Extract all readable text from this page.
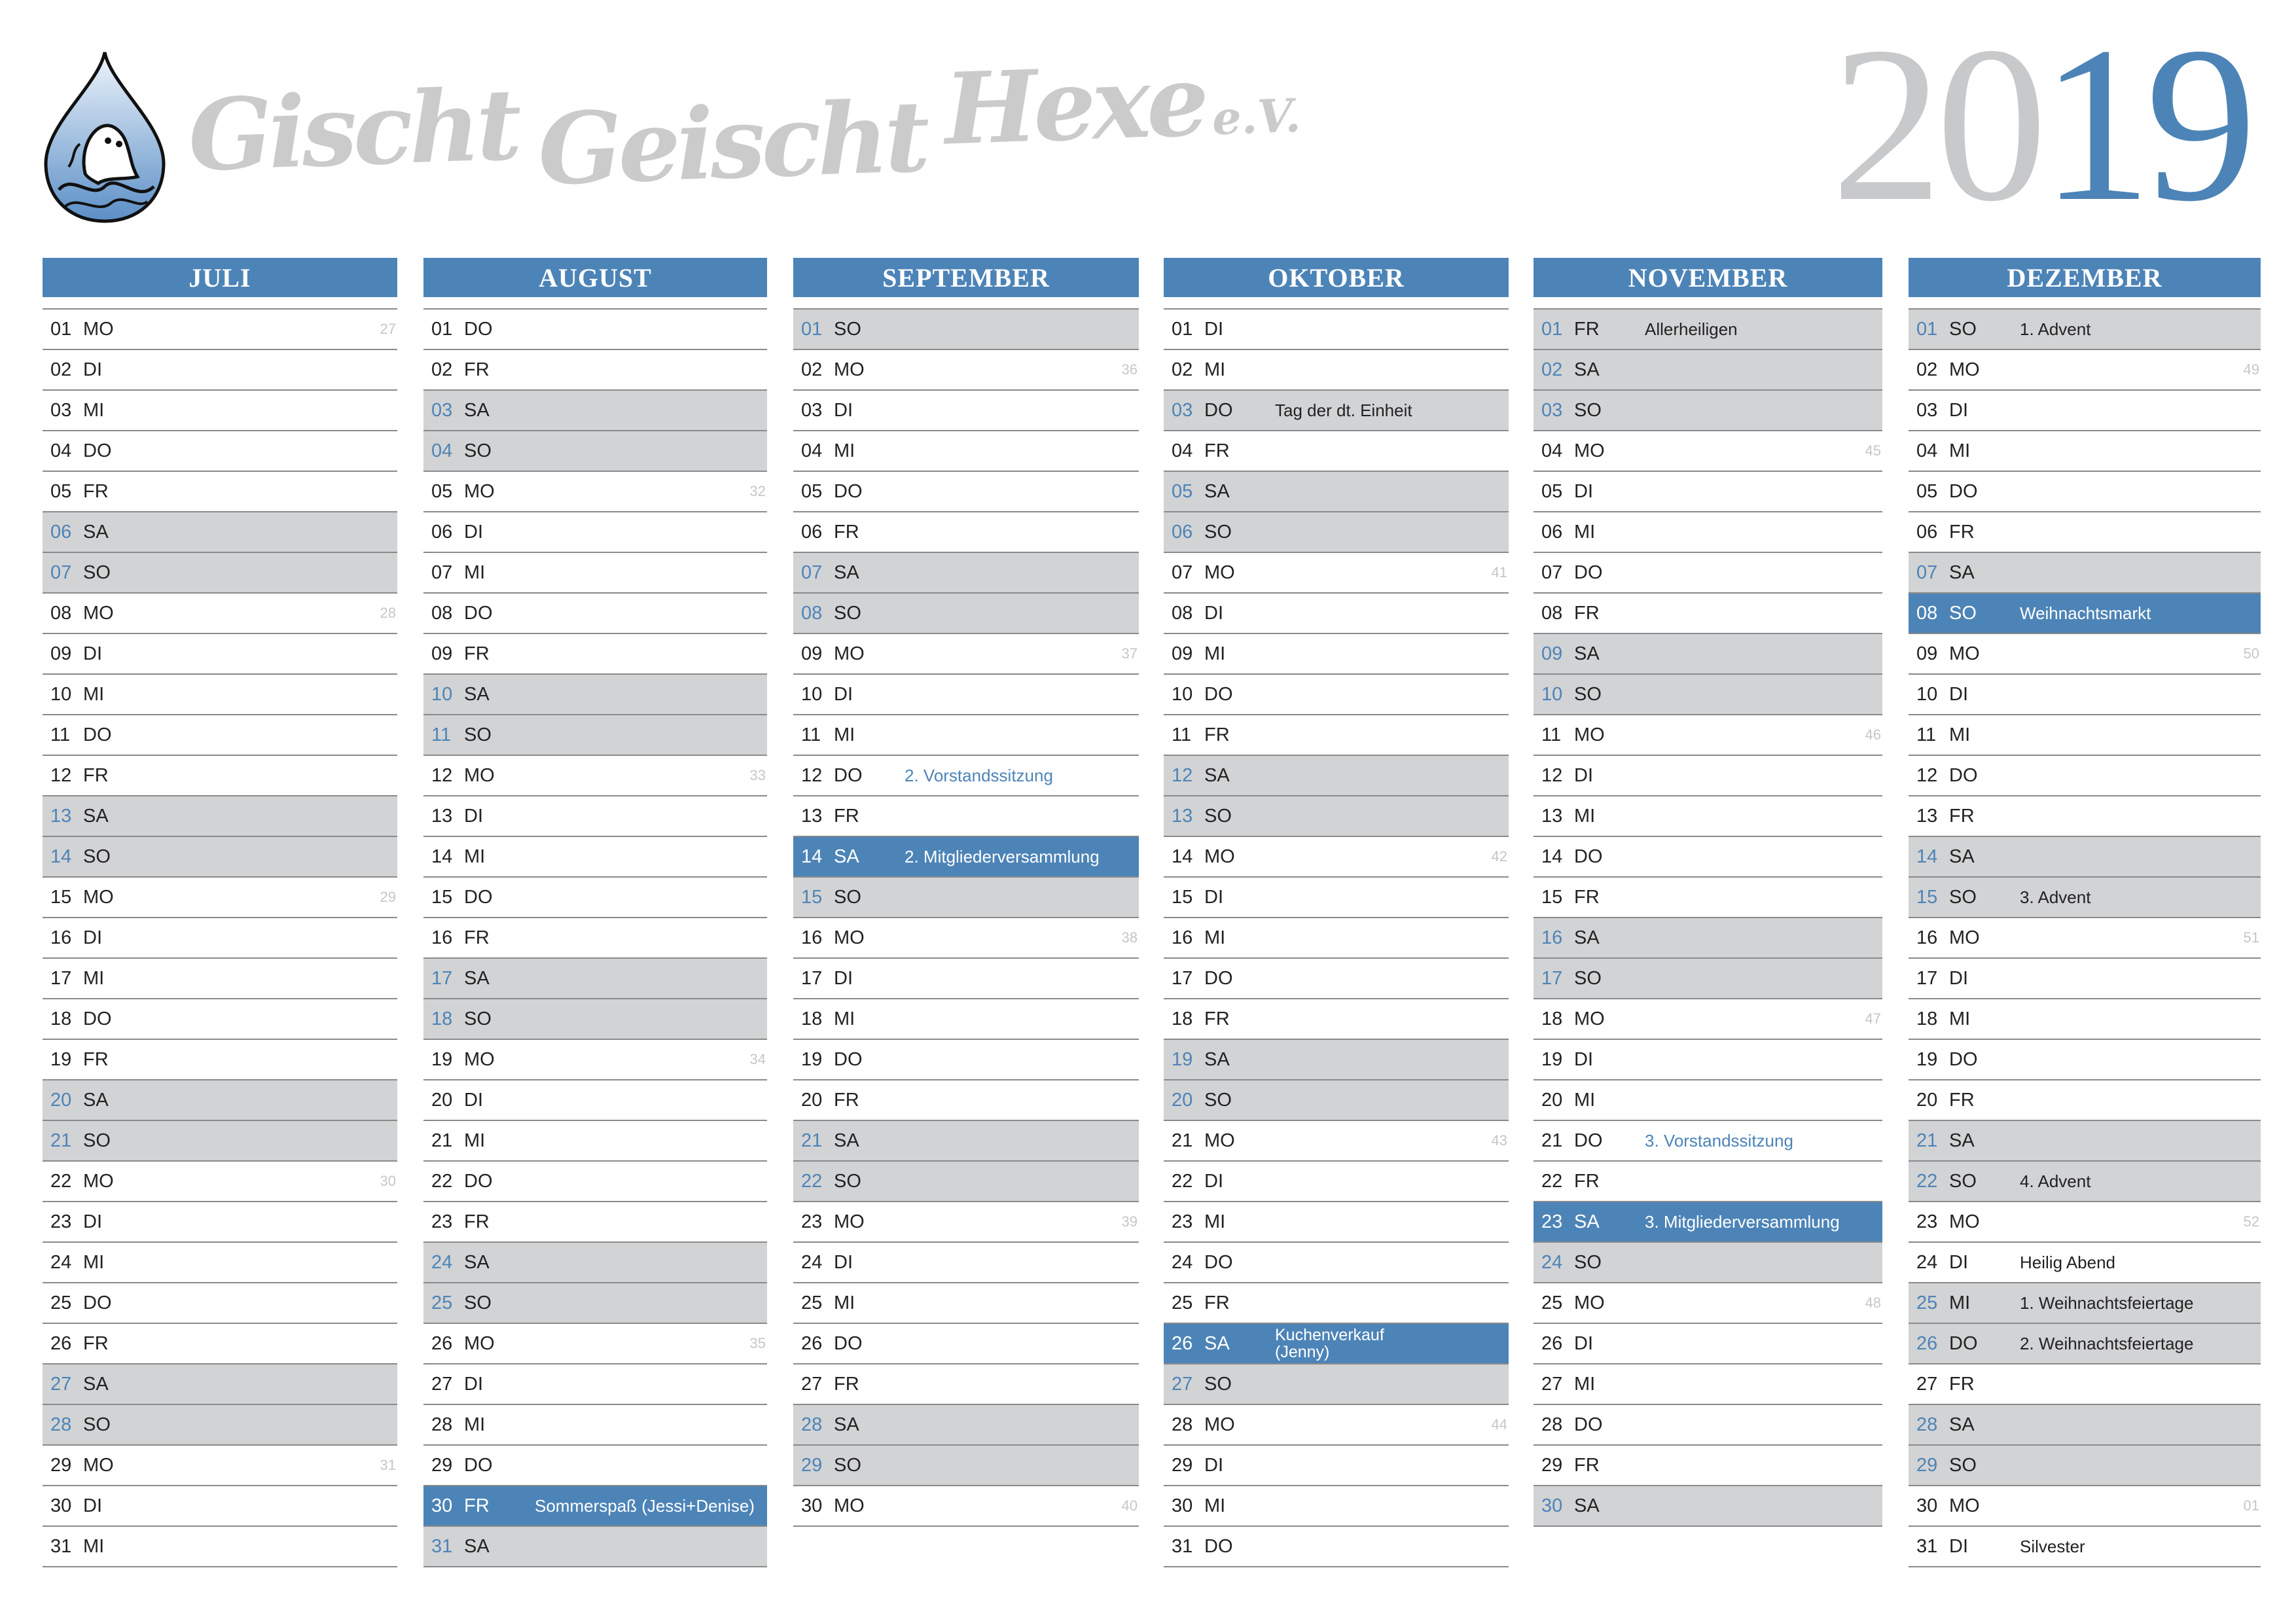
Gischt Geischt Hexee.V. 2019
JULI
01 MO	27
02 DI
03 MI
04 DO
05 FR
06 SA
07 SO
08 MO	28
09 DI
10 MI
11 DO
12 FR
13 SA
14 SO
15 MO	29
16 DI
17 MI
18 DO
19 FR
20 SA
21 SO
22 MO	30
23 DI
24 MI
25 DO
26 FR
27 SA
28 SO
29 MO	31
30 DI
31 MI
AUGUST
01 DO
02 FR
03 SA
04 SO
05 MO	32
06 DI
07 MI
08 DO
09 FR
10 SA
11 SO
12 MO	33
13 DI
14 MI
15 DO
16 FR
17 SA
18 SO
19 MO	34
20 DI
21 MI
22 DO
23 FR
24 SA
25 SO
26 MO	35
27 DI
28 MI
29 DO
30 FR	Sommerspaß (Jessi+Denise)
31 SA
SEPTEMBER
01 SO
02 MO	36
03 DI
04 MI
05 DO
06 FR
07 SA
08 SO
09 MO	37
10 DI
11 MI
12 DO 2. Vorstandssitzung
13 FR
14 SA	2. Mitgliederversammlung
15 SO
16 MO	38
17 DI
18 MI
19 DO
20 FR
21 SA
22 SO
23 MO	39
24 DI
25 MI
26 DO
27 FR
28 SA
29 SO
30 MO	40
OKTOBER
01 DI
02 MI
03 DO Tag der dt. Einheit
04 FR
05 SA
06 SO
07 MO	41
08 DI
09 MI
10 DO
11 FR
12 SA
13 SO
14 MO	42
15 DI
16 MI
17 DO
18 FR
19 SA
20 SO
21 MO	43
22 DI
23 MI
24 DO
25 FR
26 SA	Kuchenverkauf (Jenny)
27 SO
28 MO	44
29 DI
30 MI
31 DO
NOVEMBER
01 FR	Allerheiligen
02 SA
03 SO
04 MO	45
05 DI
06 MI
07 DO
08 FR
09 SA
10 SO
11 MO	46
12 DI
13 MI
14 DO
15 FR
16 SA
17 SO
18 MO	47
19 DI
20 MI
21 DO 3. Vorstandssitzung
22 FR
23 SA	3. Mitgliederversammlung
24 SO
25 MO	48
26 DI
27 MI
28 DO
29 FR
30 SA
DEZEMBER
01 SO	1. Advent
02 MO	49
03 DI
04 MI
05 DO
06 FR
07 SA
08 SO	Weihnachtsmarkt
09 MO	50
10 DI
11 MI
12 DO
13 FR
14 SA
15 SO	3. Advent
16 MO	51
17 DI
18 MI
19 DO
20 FR
21 SA
22 SO	4. Advent
23 MO	52
24 DI	Heilig Abend
25 MI	1. Weihnachtsfeiertage
26 DO 2. Weihnachtsfeiertage
27 FR
28 SA
29 SO
30 MO	01
31 DI	Silvester
